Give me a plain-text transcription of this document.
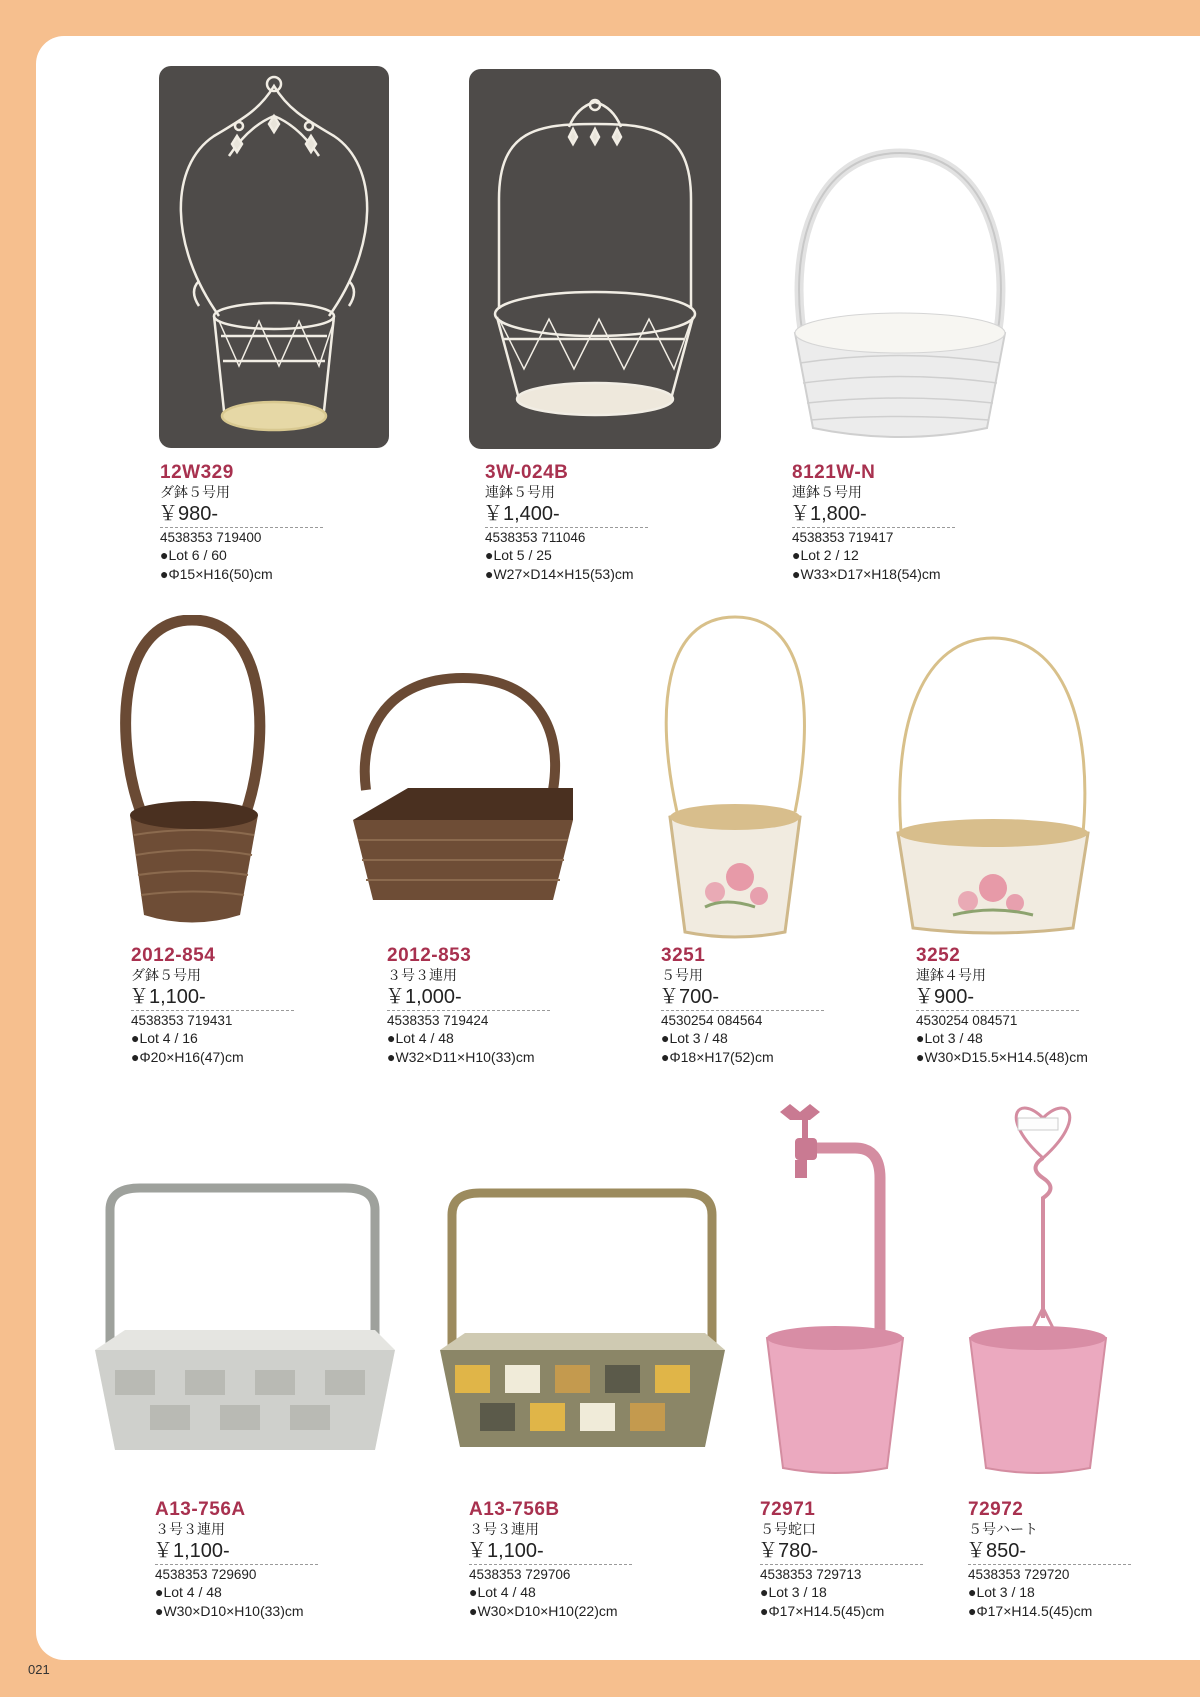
021
12W329
ダ鉢５号用
￥980-
4538353 719400
●Lot 6 / 60
●Φ15×H16(50)cm
3W-024B
連鉢５号用
￥1,400-
4538353 711046
●Lot 5 / 25
●W27×D14×H15(53)cm
8121W-N
連鉢５号用
￥1,800-
4538353 719417
●Lot 2 / 12
●W33×D17×H18(54)cm
2012-854
ダ鉢５号用
￥1,100-
4538353 719431
●Lot 4 / 16
●Φ20×H16(47)cm
2012-853
３号３連用
￥1,000-
4538353 719424
●Lot 4 / 48
●W32×D11×H10(33)cm
3251
５号用
￥700-
4530254 084564
●Lot 3 / 48
●Φ18×H17(52)cm
3252
連鉢４号用
￥900-
4530254 084571
●Lot 3 / 48
●W30×D15.5×H14.5(48)cm
A13-756A
３号３連用
￥1,100-
4538353 729690
●Lot 4 / 48
●W30×D10×H10(33)cm
A13-756B
３号３連用
￥1,100-
4538353 729706
●Lot 4 / 48
●W30×D10×H10(22)cm
72971
５号蛇口
￥780-
4538353 729713
●Lot 3 / 18
●Φ17×H14.5(45)cm
72972
５号ハート
￥850-
4538353 729720
●Lot 3 / 18
●Φ17×H14.5(45)cm
